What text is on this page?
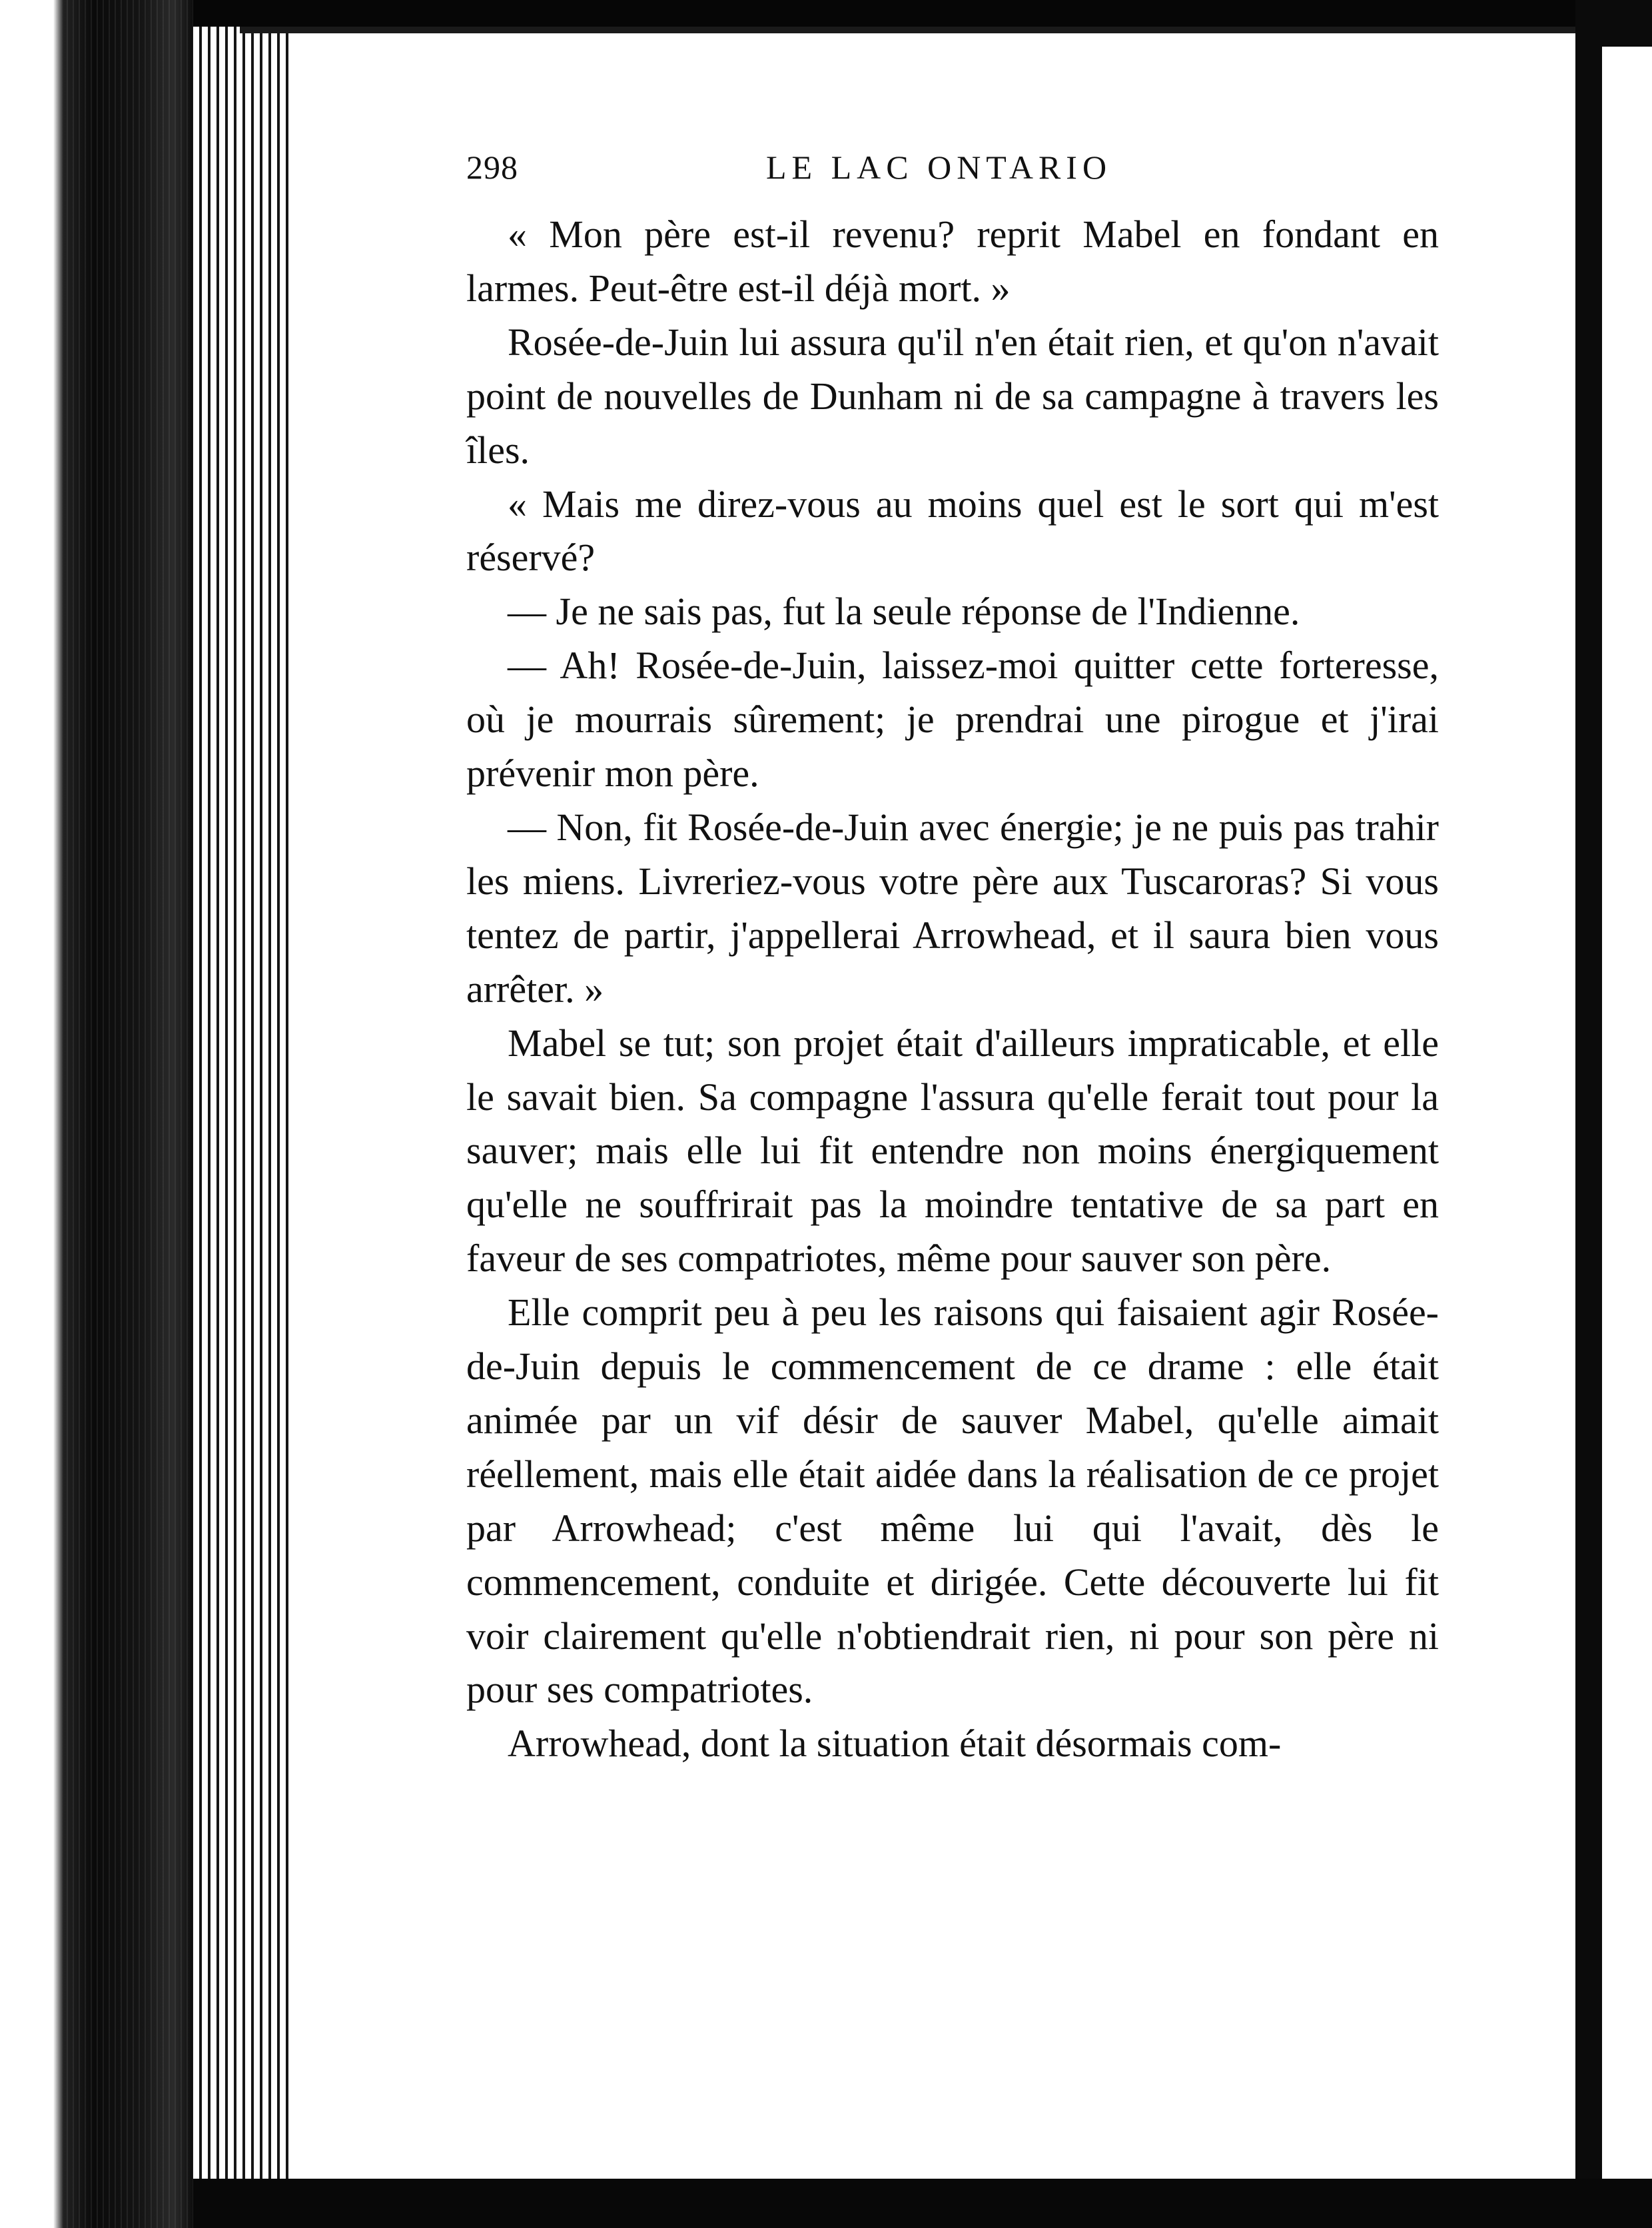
298	LE LAC ONTARIO

« Mon père est-il revenu? reprit Mabel en fondant en larmes. Peut-être est-il déjà mort. »

Rosée-de-Juin lui assura qu'il n'en était rien, et qu'on n'avait point de nouvelles de Dunham ni de sa campagne à travers les îles.

« Mais me direz-vous au moins quel est le sort qui m'est réservé?

— Je ne sais pas, fut la seule réponse de l'Indienne.

— Ah! Rosée-de-Juin, laissez-moi quitter cette forteresse, où je mourrais sûrement; je prendrai une pirogue et j'irai prévenir mon père.

— Non, fit Rosée-de-Juin avec énergie; je ne puis pas trahir les miens. Livreriez-vous votre père aux Tuscaroras? Si vous tentez de partir, j'appellerai Arrowhead, et il saura bien vous arrêter. »

Mabel se tut; son projet était d'ailleurs impraticable, et elle le savait bien. Sa compagne l'assura qu'elle ferait tout pour la sauver; mais elle lui fit entendre non moins énergiquement qu'elle ne souffrirait pas la moindre tentative de sa part en faveur de ses compatriotes, même pour sauver son père.

Elle comprit peu à peu les raisons qui faisaient agir Rosée-de-Juin depuis le commencement de ce drame : elle était animée par un vif désir de sauver Mabel, qu'elle aimait réellement, mais elle était aidée dans la réalisation de ce projet par Arrowhead; c'est même lui qui l'avait, dès le commencement, conduite et dirigée. Cette découverte lui fit voir clairement qu'elle n'obtiendrait rien, ni pour son père ni pour ses compatriotes.

Arrowhead, dont la situation était désormais com-
